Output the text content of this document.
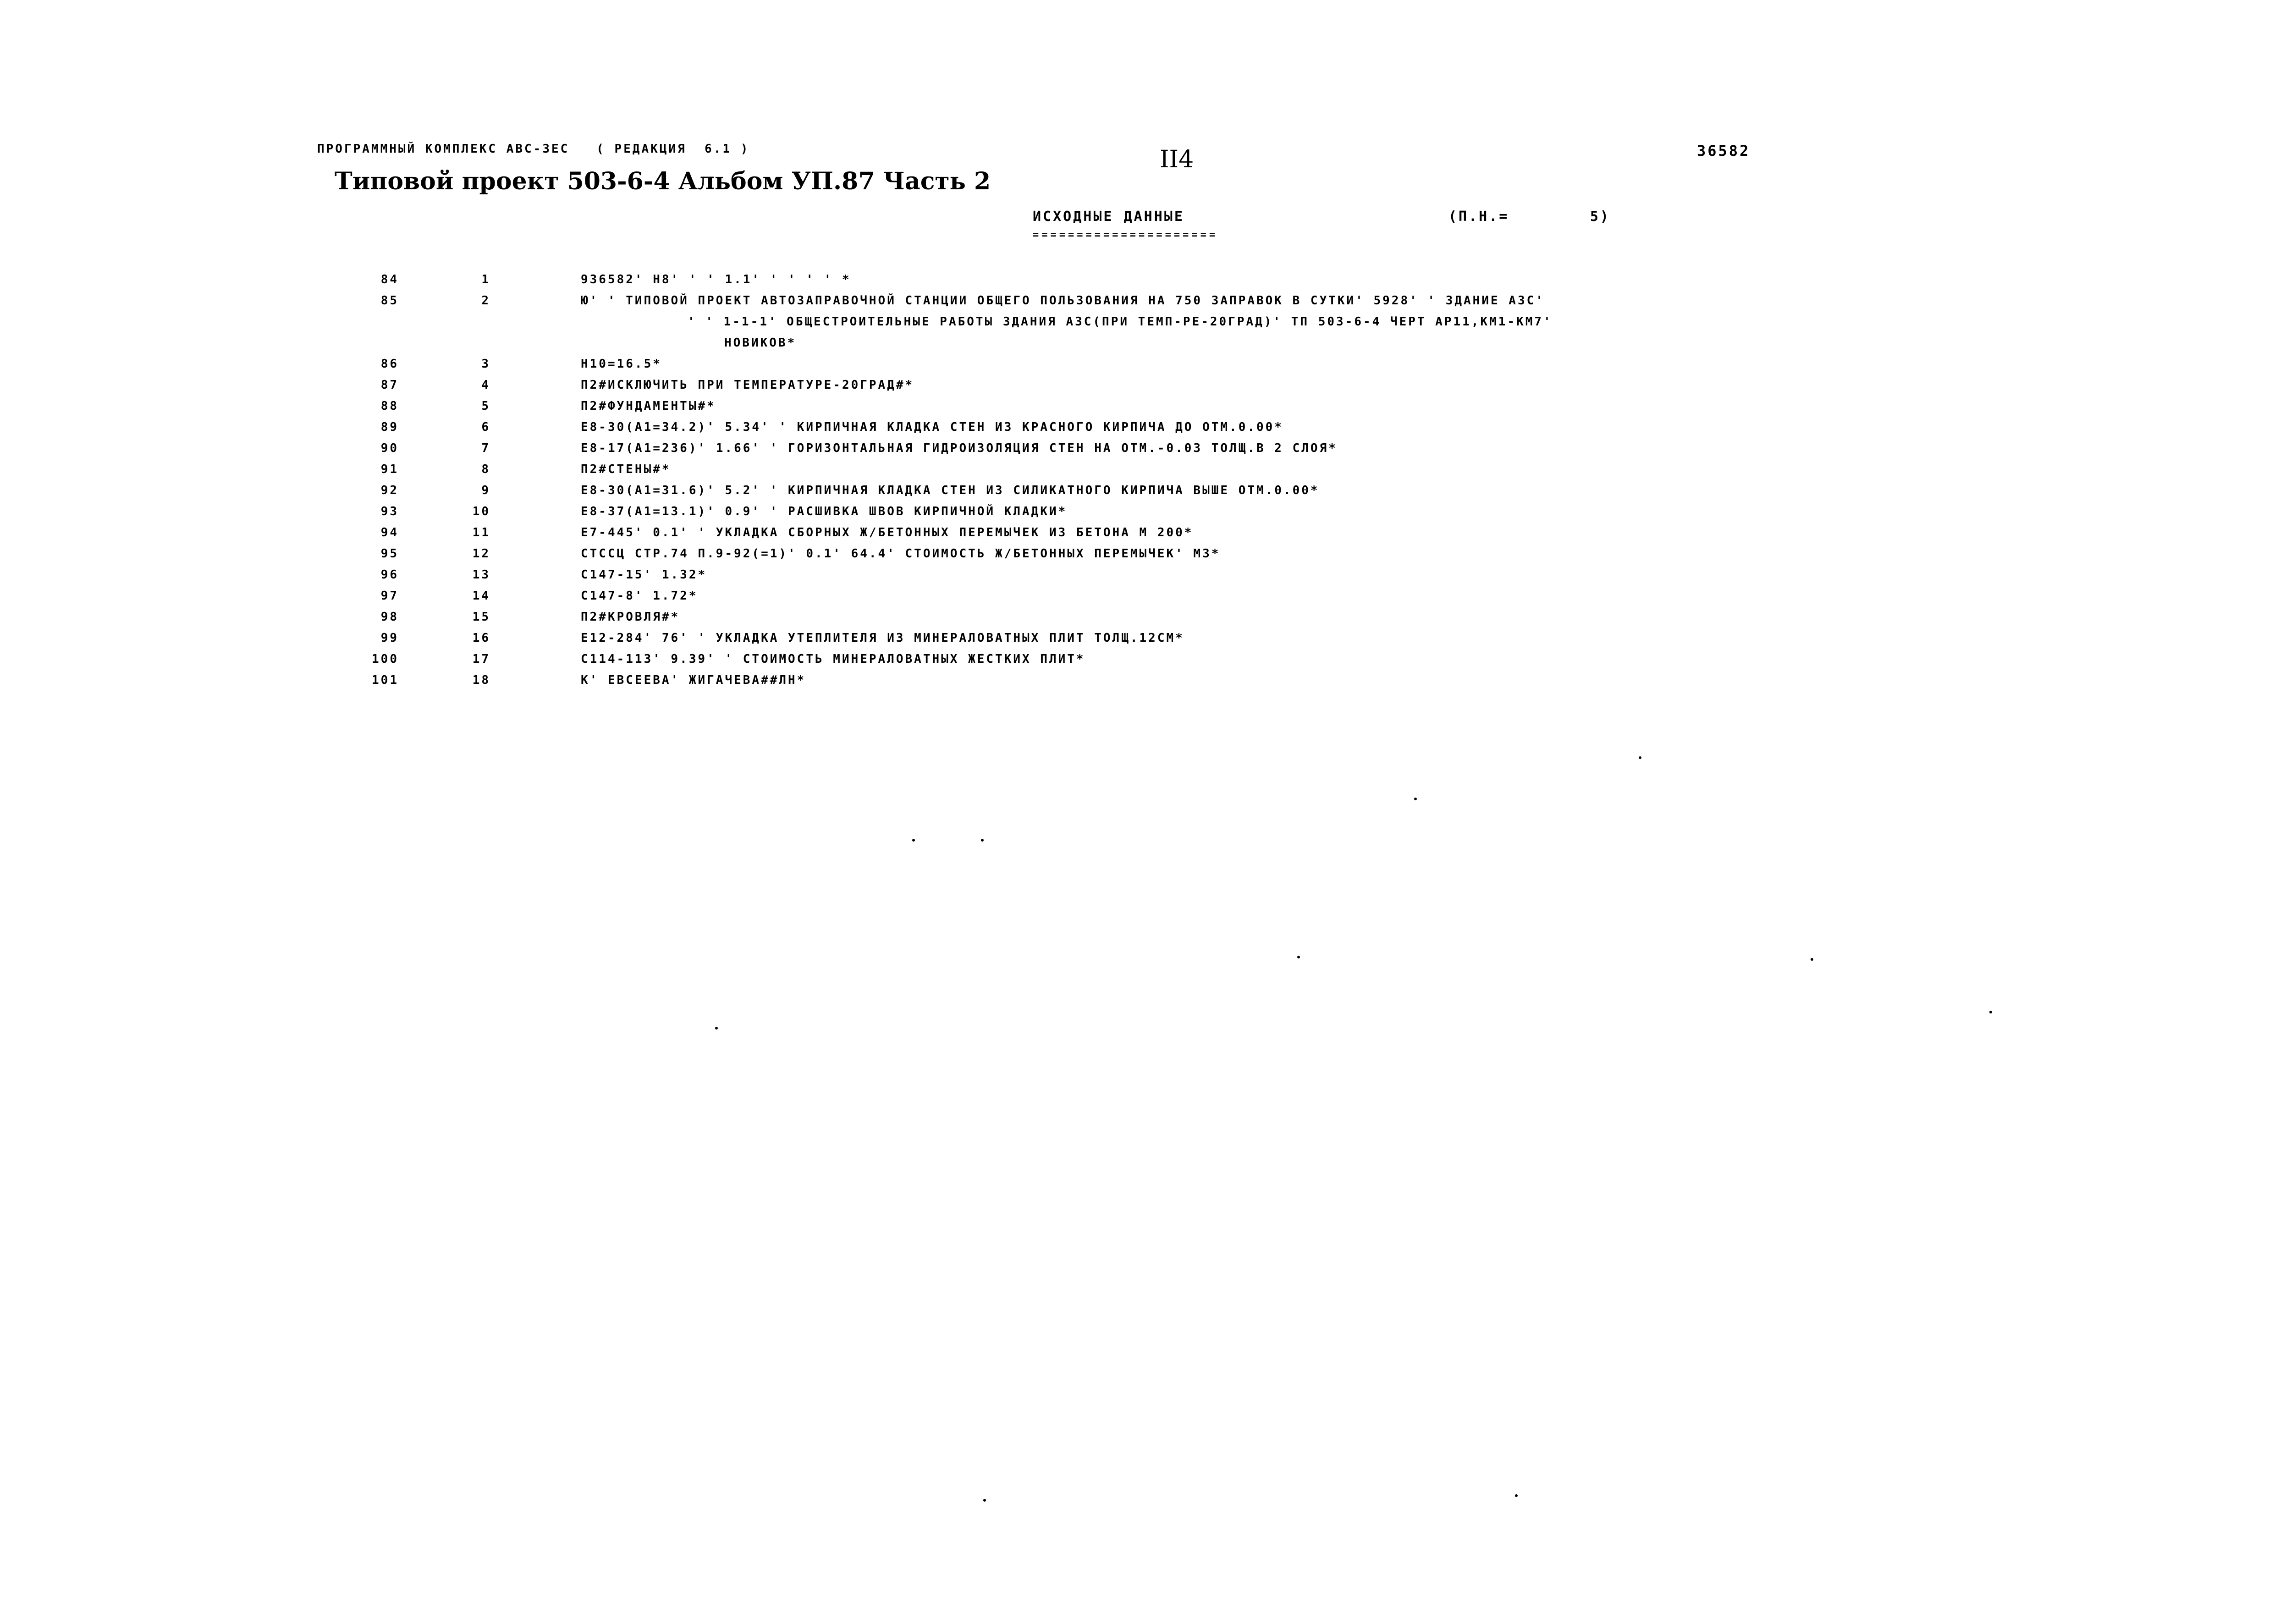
ПРОГРАММНЫЙ КОМПЛЕКС АВС-3ЕС   ( РЕДАКЦИЯ  6.1 )
Типовой проект 503-6-4 Альбом УП.87 Часть 2
II4	36582
ИСХОДНЫЕ ДАННЫЕ
=====================
(П.Н.=        5)
84	1	936582' Н8' ' ' 1.1' ' ' ' ' *
85	2	Ю' ' ТИПОВОЙ ПРОЕКТ АВТОЗАПРАВОЧНОЙ СТАНЦИИ ОБЩЕГО ПОЛЬЗОВАНИЯ НА 750 ЗАПРАВОК В СУТКИ' 5928' ' ЗДАНИЕ АЗС'
' ' 1-1-1' ОБЩЕСТРОИТЕЛЬНЫЕ РАБОТЫ ЗДАНИЯ АЗС(ПРИ ТЕМП-РЕ-20ГРАД)' ТП 503-6-4 ЧЕРТ АР11,КМ1-КМ7'
НОВИКОВ*
86	3	Н10=16.5*
87	4	П2#ИСКЛЮЧИТЬ ПРИ ТЕМПЕРАТУРЕ-20ГРАД#*
88	5	П2#ФУНДАМЕНТЫ#*
89	6	Е8-30(А1=34.2)' 5.34' ' КИРПИЧНАЯ КЛАДКА СТЕН ИЗ КРАСНОГО КИРПИЧА ДО ОТМ.0.00*
90	7	Е8-17(А1=236)' 1.66' ' ГОРИЗОНТАЛЬНАЯ ГИДРОИЗОЛЯЦИЯ СТЕН НА ОТМ.-0.03 ТОЛЩ.В 2 СЛОЯ*
91	8	П2#СТЕНЫ#*
92	9	Е8-30(А1=31.6)' 5.2' ' КИРПИЧНАЯ КЛАДКА СТЕН ИЗ СИЛИКАТНОГО КИРПИЧА ВЫШЕ ОТМ.0.00*
93	10	Е8-37(А1=13.1)' 0.9' ' РАСШИВКА ШВОВ КИРПИЧНОЙ КЛАДКИ*
94	11	Е7-445' 0.1' ' УКЛАДКА СБОРНЫХ Ж/БЕТОННЫХ ПЕРЕМЫЧЕК ИЗ БЕТОНА М 200*
95	12	СТССЦ СТР.74 П.9-92(=1)' 0.1' 64.4' СТОИМОСТЬ Ж/БЕТОННЫХ ПЕРЕМЫЧЕК' М3*
96	13	С147-15' 1.32*
97	14	С147-8' 1.72*
98	15	П2#КРОВЛЯ#*
99	16	Е12-284' 76' ' УКЛАДКА УТЕПЛИТЕЛЯ ИЗ МИНЕРАЛОВАТНЫХ ПЛИТ ТОЛЩ.12СМ*
100	17	С114-113' 9.39' ' СТОИМОСТЬ МИНЕРАЛОВАТНЫХ ЖЕСТКИХ ПЛИТ*
101	18	К' ЕВСЕЕВА' ЖИГАЧЕВА##ЛН*
